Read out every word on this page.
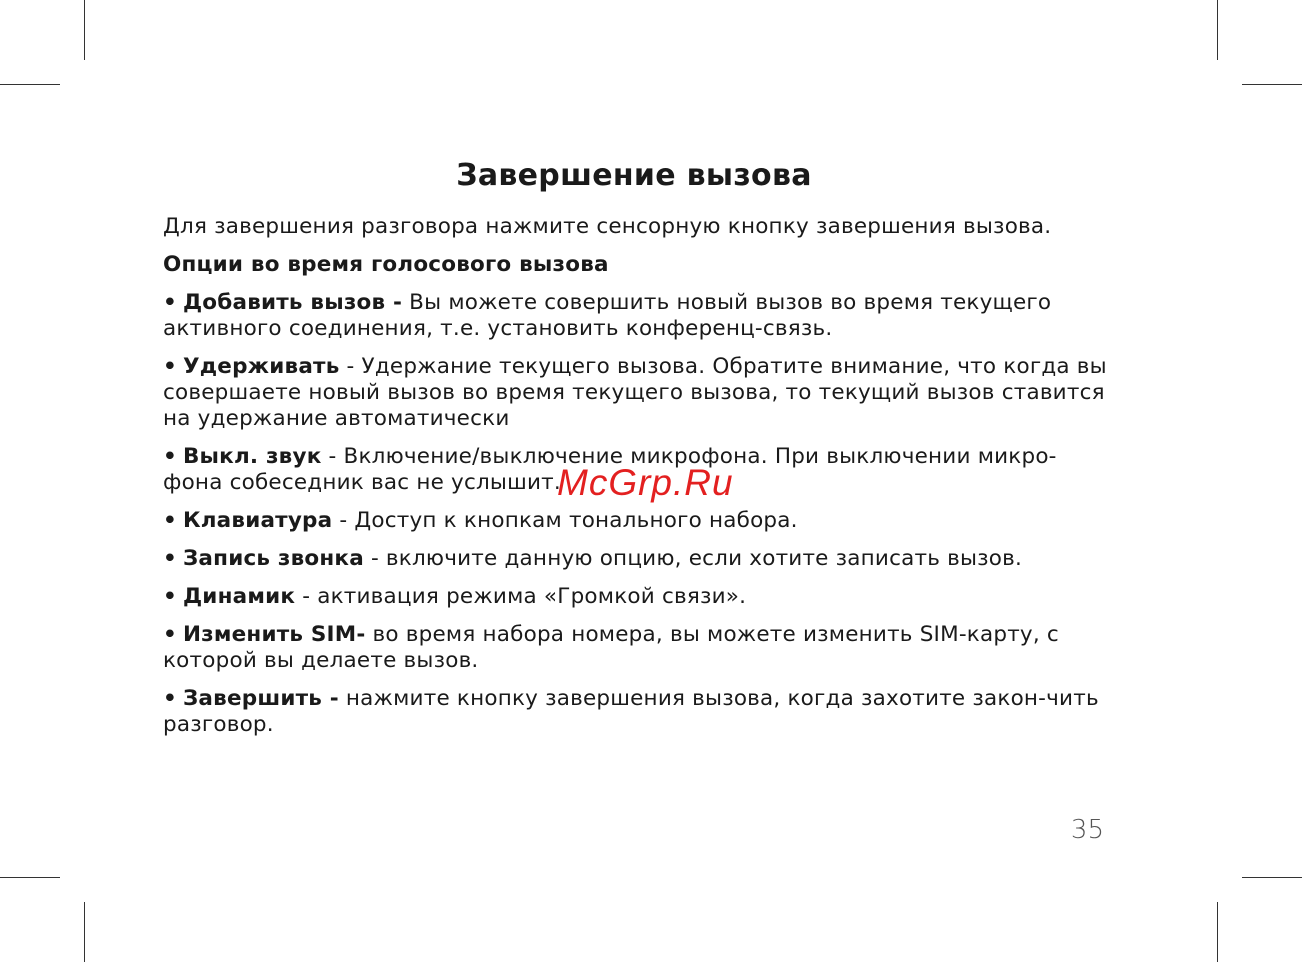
Завершение вызова

Для завершения разговора нажмите сенсорную кнопку завершения вызова.

Опции во время голосового вызова

• Добавить вызов - Вы можете совершить новый вызов во время текущего активного соединения, т.е. установить конференц-связь.

• Удерживать - Удержание текущего вызова. Обратите внимание, что когда вы совершаете новый вызов во время текущего вызова, то текущий вызов ставится на удержание автоматически

• Выкл. звук - Включение/выключение микрофона. При выключении микро-фона собеседник вас не услышит.

• Клавиатура - Доступ к кнопкам тонального набора.

• Запись звонка - включите данную опцию, если хотите записать вызов.

• Динамик - активация режима «Громкой связи».

• Изменить SIM- во время набора номера, вы можете изменить SIM-карту, с которой вы делаете вызов.

• Завершить - нажмите кнопку завершения вызова, когда захотите закон-чить разговор.

McGrp.Ru
35
